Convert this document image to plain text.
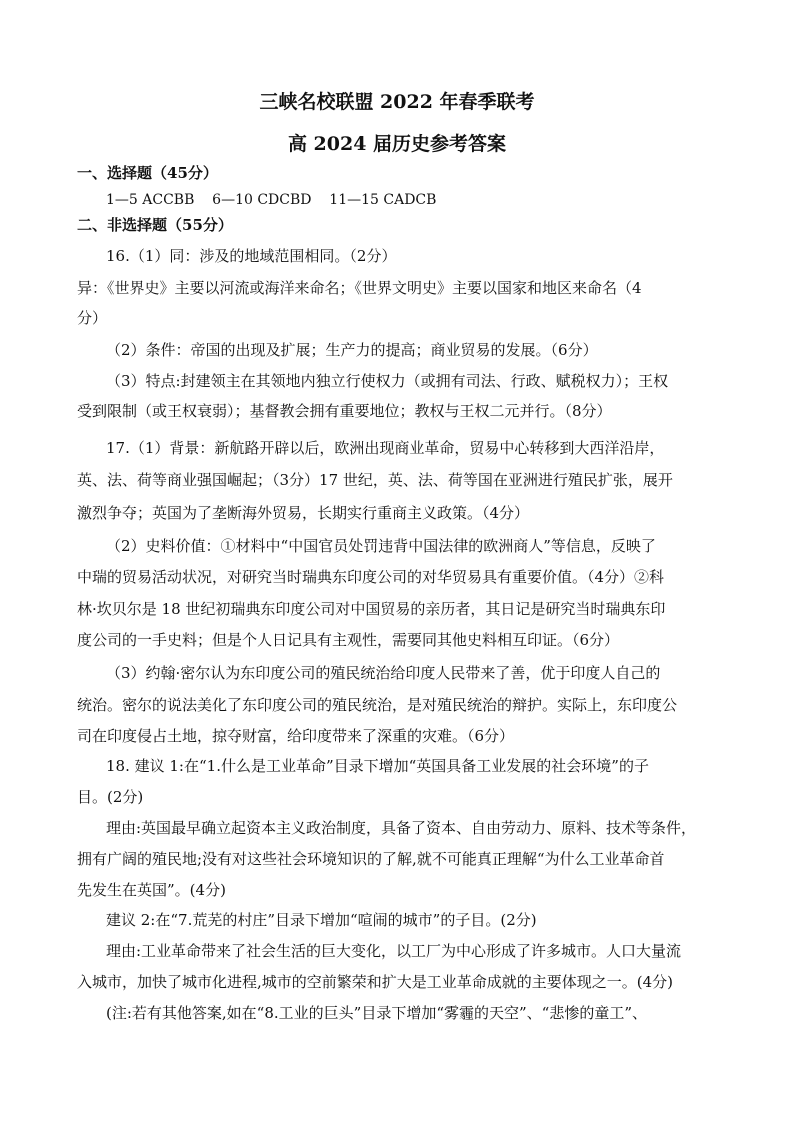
三峡名校联盟 2022 年春季联考
高 2024 届历史参考答案
一、选择题（45分）
1—5 ACCBB    6—10 CDCBD    11—15 CADCB
二、非选择题（55分）
16.（1）同：涉及的地域范围相同。（2分）
异：《世界史》主要以河流或海洋来命名；《世界文明史》主要以国家和地区来命名（4
分）
（2）条件：帝国的出现及扩展；生产力的提高；商业贸易的发展。（6分）
（3）特点:封建领主在其领地内独立行使权力（或拥有司法、行政、赋税权力）；王权
受到限制（或王权衰弱）；基督教会拥有重要地位；教权与王权二元并行。（8分）
17.（1）背景：新航路开辟以后，欧洲出现商业革命，贸易中心转移到大西洋沿岸，
英、法、荷等商业强国崛起；（3分）17 世纪，英、法、荷等国在亚洲进行殖民扩张，展开
激烈争夺；英国为了垄断海外贸易，长期实行重商主义政策。（4分）
（2）史料价值：①材料中“中国官员处罚违背中国法律的欧洲商人”等信息，反映了
中瑞的贸易活动状况，对研究当时瑞典东印度公司的对华贸易具有重要价值。（4分）②科
林·坎贝尔是 18 世纪初瑞典东印度公司对中国贸易的亲历者，其日记是研究当时瑞典东印
度公司的一手史料；但是个人日记具有主观性，需要同其他史料相互印证。（6分）
（3）约翰·密尔认为东印度公司的殖民统治给印度人民带来了善，优于印度人自己的
统治。密尔的说法美化了东印度公司的殖民统治，是对殖民统治的辩护。实际上，东印度公
司在印度侵占土地，掠夺财富，给印度带来了深重的灾难。（6分）
18. 建议 1:在“1.什么是工业革命”目录下增加“英国具备工业发展的社会环境”的子
目。(2分)
理由:英国最早确立起资本主义政治制度，具备了资本、自由劳动力、原料、技术等条件，
拥有广阔的殖民地;没有对这些社会环境知识的了解,就不可能真正理解“为什么工业革命首
先发生在英国”。(4分)
建议 2:在“7.荒芜的村庄”目录下增加“喧闹的城市”的子目。(2分)
理由:工业革命带来了社会生活的巨大变化，以工厂为中心形成了许多城市。人口大量流
入城市，加快了城市化进程,城市的空前繁荣和扩大是工业革命成就的主要体现之一。(4分)
(注:若有其他答案,如在“8.工业的巨头”目录下增加“雾霾的天空”、“悲惨的童工”、
